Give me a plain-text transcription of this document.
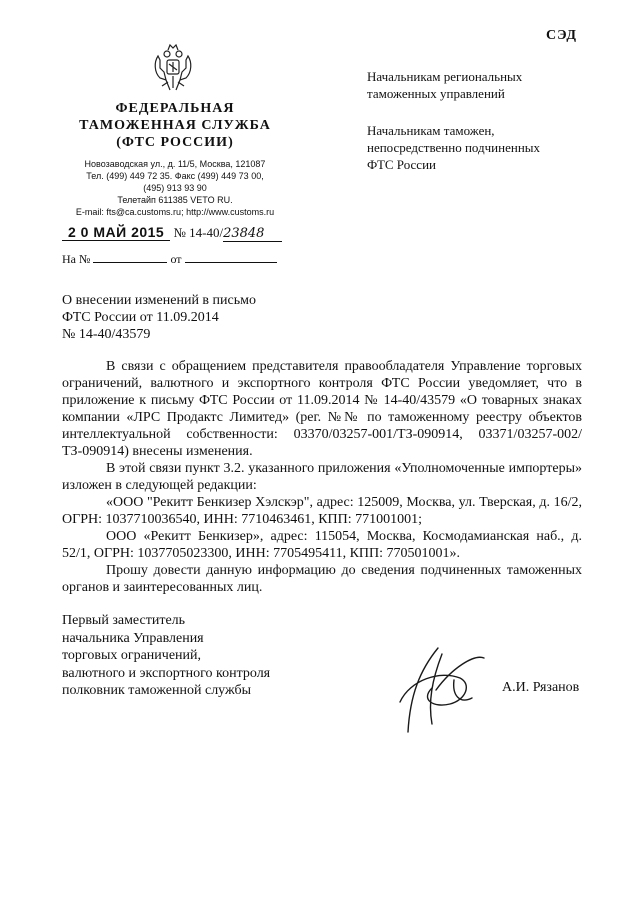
СЭД
ФЕДЕРАЛЬНАЯ
ТАМОЖЕННАЯ СЛУЖБА
(ФТС РОССИИ)
Новозаводская ул., д. 11/5, Москва, 121087
Тел. (499) 449 72 35. Факс (499) 449 73 00,
(495) 913 93 90
Телетайп 611385 VETO RU.
E-mail: fts@ca.customs.ru; http://www.customs.ru
2 0 МАЙ 2015 № 14-40/23848
На №	от
Начальникам региональных
таможенных управлений
Начальникам таможен,
непосредственно подчиненных
ФТС России
О внесении изменений в письмо
ФТС России от 11.09.2014
№ 14-40/43579

В связи с обращением представителя правообладателя Управление торговых ограничений, валютного и экспортного контроля ФТС России уведомляет, что в приложение к письму ФТС России от 11.09.2014 № 14-40/43579 «О товарных знаках компании «ЛРС Продактс Лимитед» (рег. №№ по таможенному реестру объектов интеллектуальной собственности: 03370/03257-001/ТЗ-090914, 03371/03257-002/ТЗ-090914) внесены изменения.

В этой связи пункт 3.2. указанного приложения «Уполномоченные импортеры» изложен в следующей редакции:

«ООО "Рекитт Бенкизер Хэлскэр", адрес: 125009, Москва, ул. Тверская, д. 16/2, ОГРН: 1037710036540, ИНН: 7710463461, КПП: 771001001;

ООО «Рекитт Бенкизер», адрес: 115054, Москва, Космодамианская наб., д. 52/1, ОГРН: 1037705023300, ИНН: 7705495411, КПП: 770501001».

Прошу довести данную информацию до сведения подчиненных таможенных органов и заинтересованных лиц.

Первый заместитель
начальника Управления
торговых ограничений,
валютного и экспортного контроля
полковник таможенной службы	А.И. Рязанов
